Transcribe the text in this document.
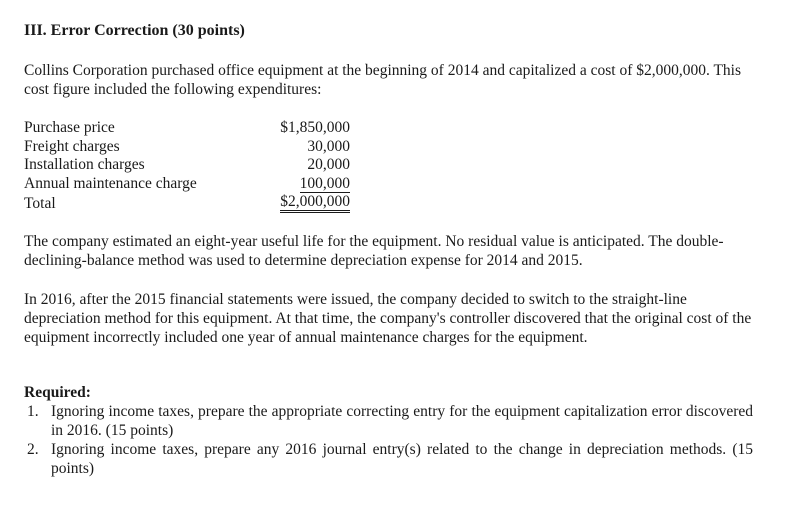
III. Error Correction (30 points)
Collins Corporation purchased office equipment at the beginning of 2014 and capitalized a cost of $2,000,000. This cost figure included the following expenditures:
Purchase price	$1,850,000
Freight charges	30,000
Installation charges	20,000
Annual maintenance charge	100,000
Total	$2,000,000
The company estimated an eight-year useful life for the equipment. No residual value is anticipated. The double-declining-balance method was used to determine depreciation expense for 2014 and 2015.
In 2016, after the 2015 financial statements were issued, the company decided to switch to the straight-line depreciation method for this equipment. At that time, the company's controller discovered that the original cost of the equipment incorrectly included one year of annual maintenance charges for the equipment.
Required:
1. Ignoring income taxes, prepare the appropriate correcting entry for the equipment capitalization error discovered in 2016. (15 points)
2. Ignoring income taxes, prepare any 2016 journal entry(s) related to the change in depreciation methods. (15 points)
